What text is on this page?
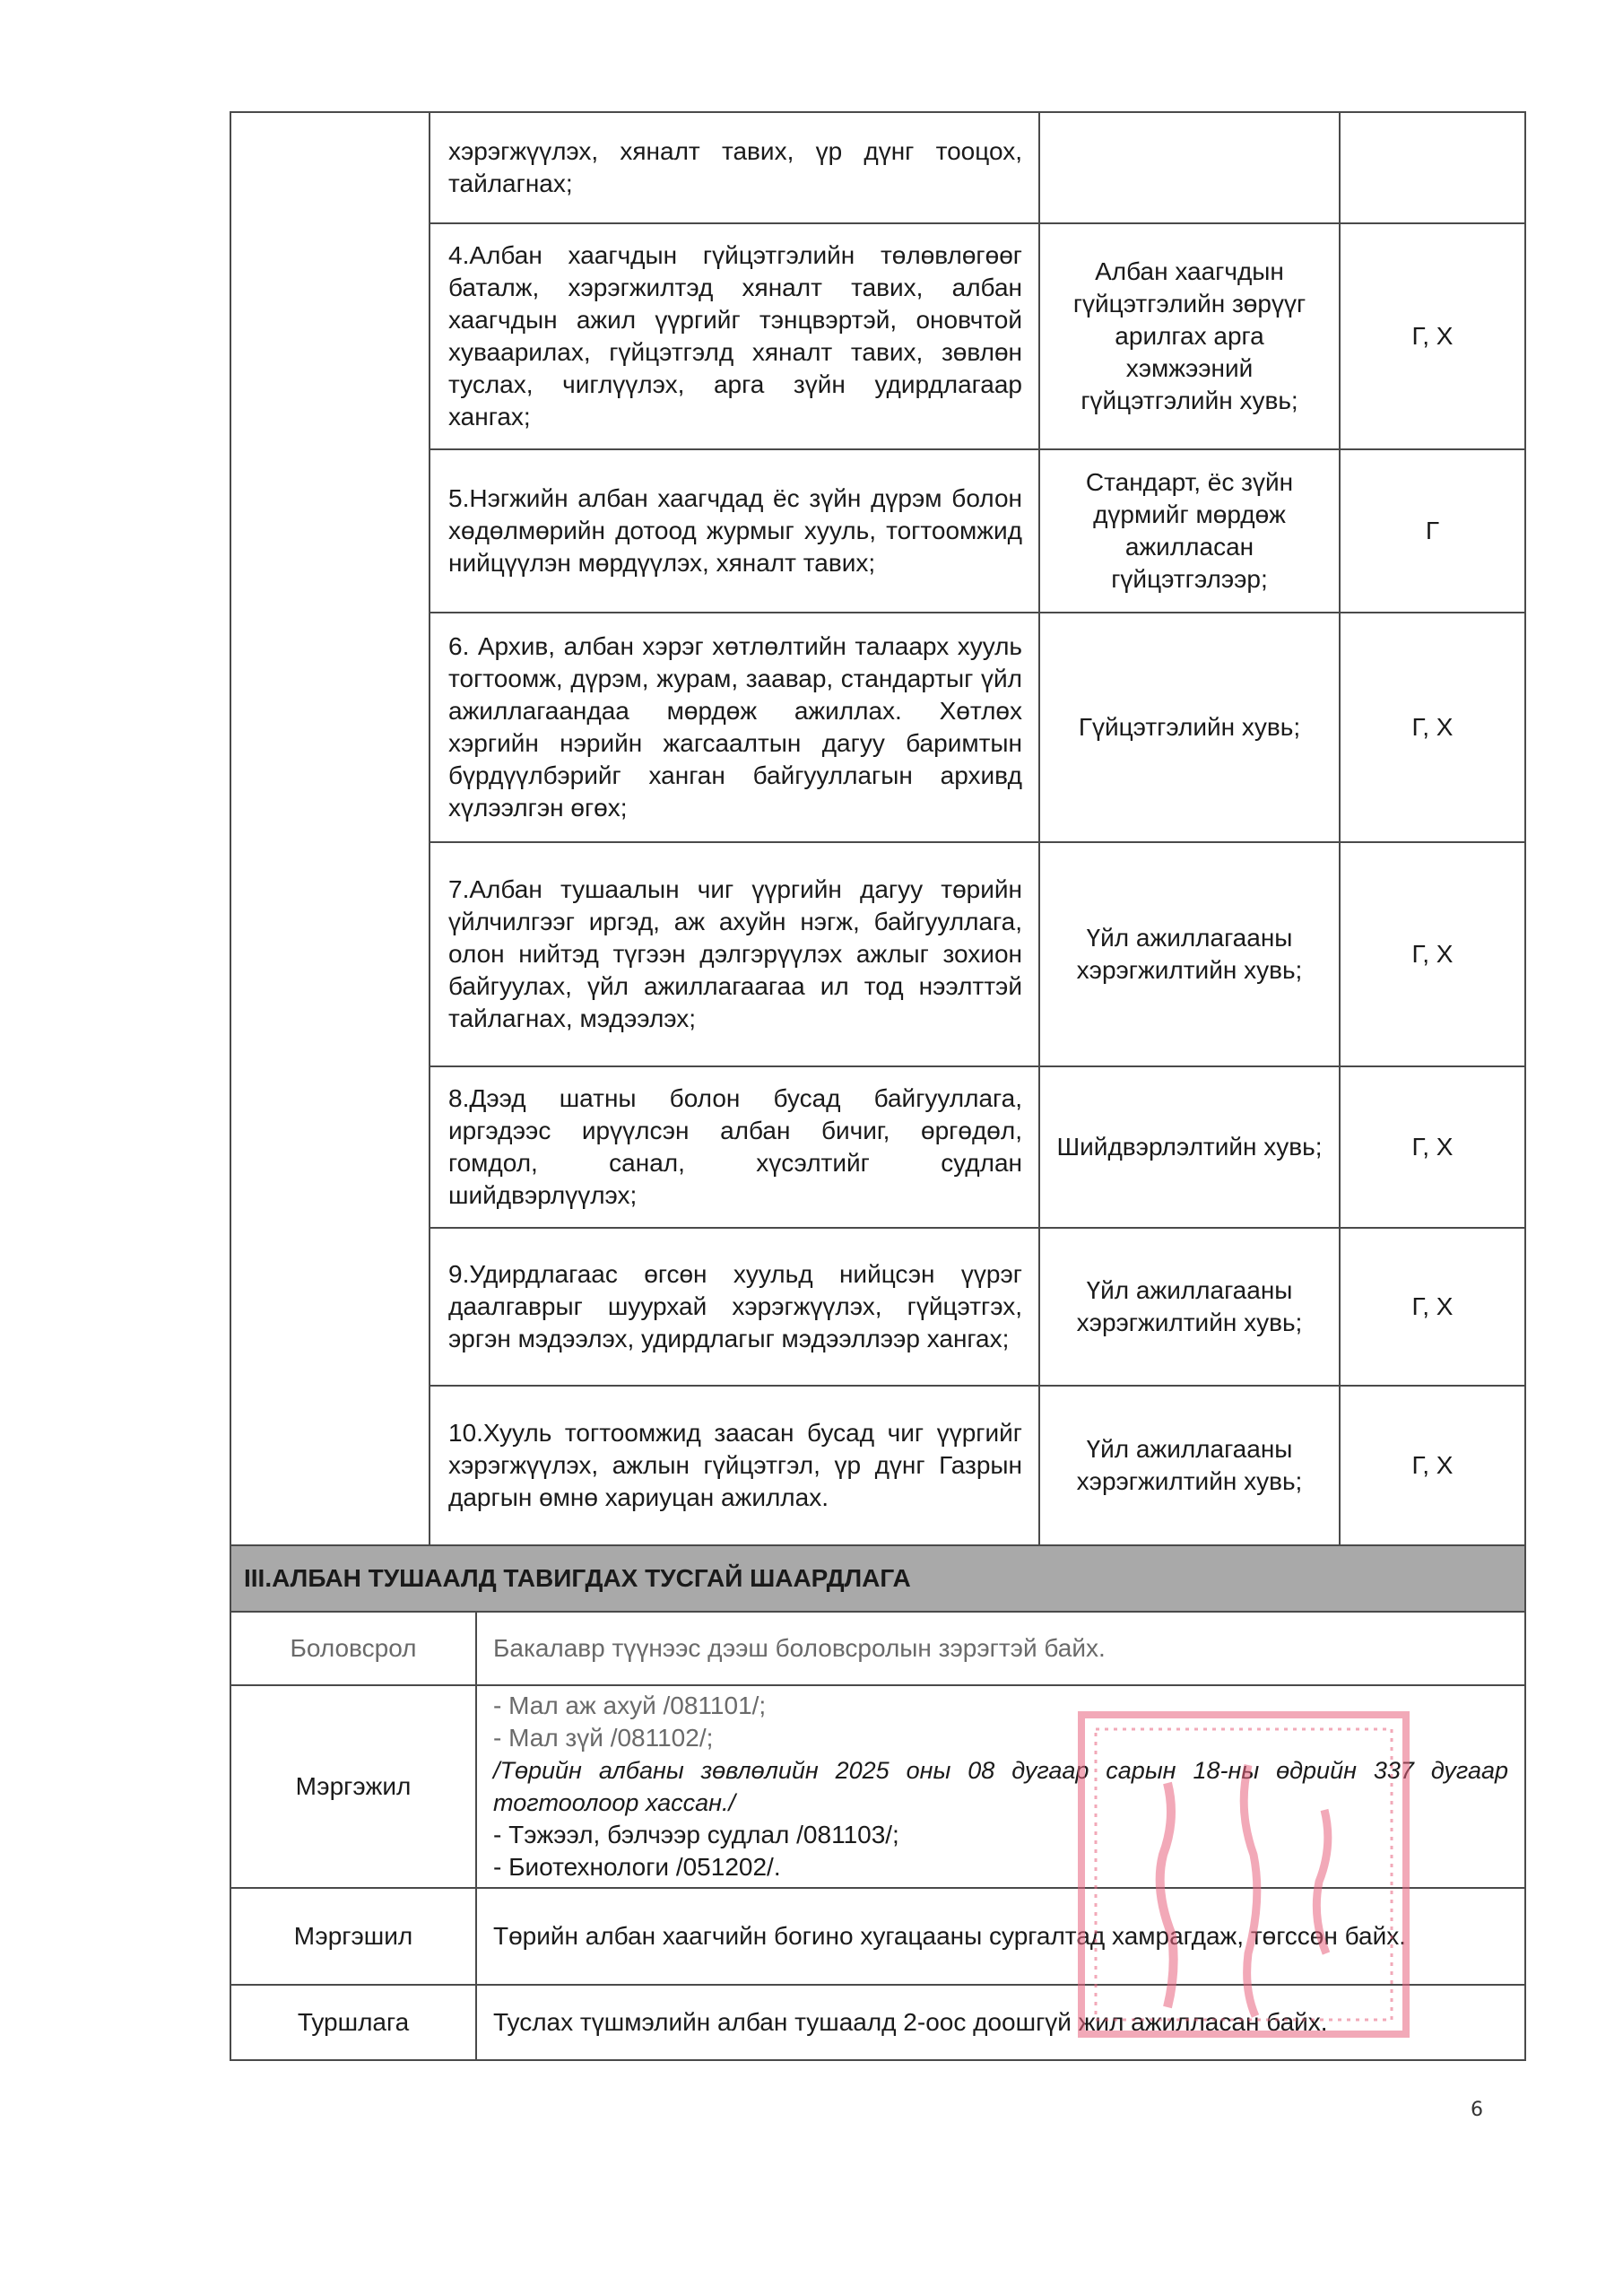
	хэрэгжүүлэх, хяналт тавих, үр дүнг тооцох, тайлагнах;		
	4.Албан хаагчдын гүйцэтгэлийн төлөвлөгөөг баталж, хэрэгжилтэд хяналт тавих, албан хаагчдын ажил үүргийг тэнцвэртэй, оновчтой хуваарилах, гүйцэтгэлд хяналт тавих, зөвлөн туслах, чиглүүлэх, арга зүйн удирдлагаар хангах;	Албан хаагчдын гүйцэтгэлийн зөрүүг арилгах арга хэмжээний гүйцэтгэлийн хувь;	Г, Х
	5.Нэгжийн албан хаагчдад ёс зүйн дүрэм болон хөдөлмөрийн дотоод журмыг хууль, тогтоомжид нийцүүлэн мөрдүүлэх, хяналт тавих;	Стандарт, ёс зүйн дүрмийг мөрдөж ажилласан гүйцэтгэлээр;	Г
	6. Архив, албан хэрэг хөтлөлтийн талаарх хууль тогтоомж, дүрэм, журам, заавар, стандартыг үйл ажиллагаандаа мөрдөж ажиллах. Хөтлөх хэргийн нэрийн жагсаалтын дагуу баримтын бүрдүүлбэрийг ханган байгууллагын архивд хүлээлгэн өгөх;	Гүйцэтгэлийн хувь;	Г, Х
	7.Албан тушаалын чиг үүргийн дагуу төрийн үйлчилгээг иргэд, аж ахуйн нэгж, байгууллага, олон нийтэд түгээн дэлгэрүүлэх ажлыг зохион байгуулах, үйл ажиллагаагаа ил тод нээлттэй тайлагнах, мэдээлэх;	Үйл ажиллагааны хэрэгжилтийн хувь;	Г, Х
	8.Дээд шатны болон бусад байгууллага, иргэдээс ирүүлсэн албан бичиг, өргөдөл, гомдол, санал, хүсэлтийг судлан шийдвэрлүүлэх;	Шийдвэрлэлтийн хувь;	Г, Х
	9.Удирдлагаас өгсөн хуульд нийцсэн үүрэг даалгаврыг шуурхай хэрэгжүүлэх, гүйцэтгэх, эргэн мэдээлэх, удирдлагыг мэдээллээр хангах;	Үйл ажиллагааны хэрэгжилтийн хувь;	Г, Х
	10.Хууль тогтоомжид заасан бусад чиг үүргийг хэрэгжүүлэх, ажлын гүйцэтгэл, үр дүнг Газрын даргын өмнө хариуцан ажиллах.	Үйл ажиллагааны хэрэгжилтийн хувь;	Г, Х
III.АЛБАН ТУШААЛД ТАВИГДАХ ТУСГАЙ ШААРДЛАГА	
Боловсрол	Бакалавр түүнээс дээш боловсролын зэрэгтэй байх.
Мэргэжил	- Мал аж ахуй /081101/;
- Мал зүй /081102/;
/Төрийн албаны зөвлөлийн 2025 оны 08 дугаар сарын 18-ны өдрийн 337 дугаар тогтоолоор хассан./
- Тэжээл, бэлчээр судлал /081103/;
- Биотехнологи /051202/.

Мэргэшил	Төрийн албан хаагчийн богино хугацааны сургалтад хамрагдаж, төгссөн байх.
Туршлага	Туслах түшмэлийн албан тушаалд 2-оос доошгүй жил ажилласан байх.
6
